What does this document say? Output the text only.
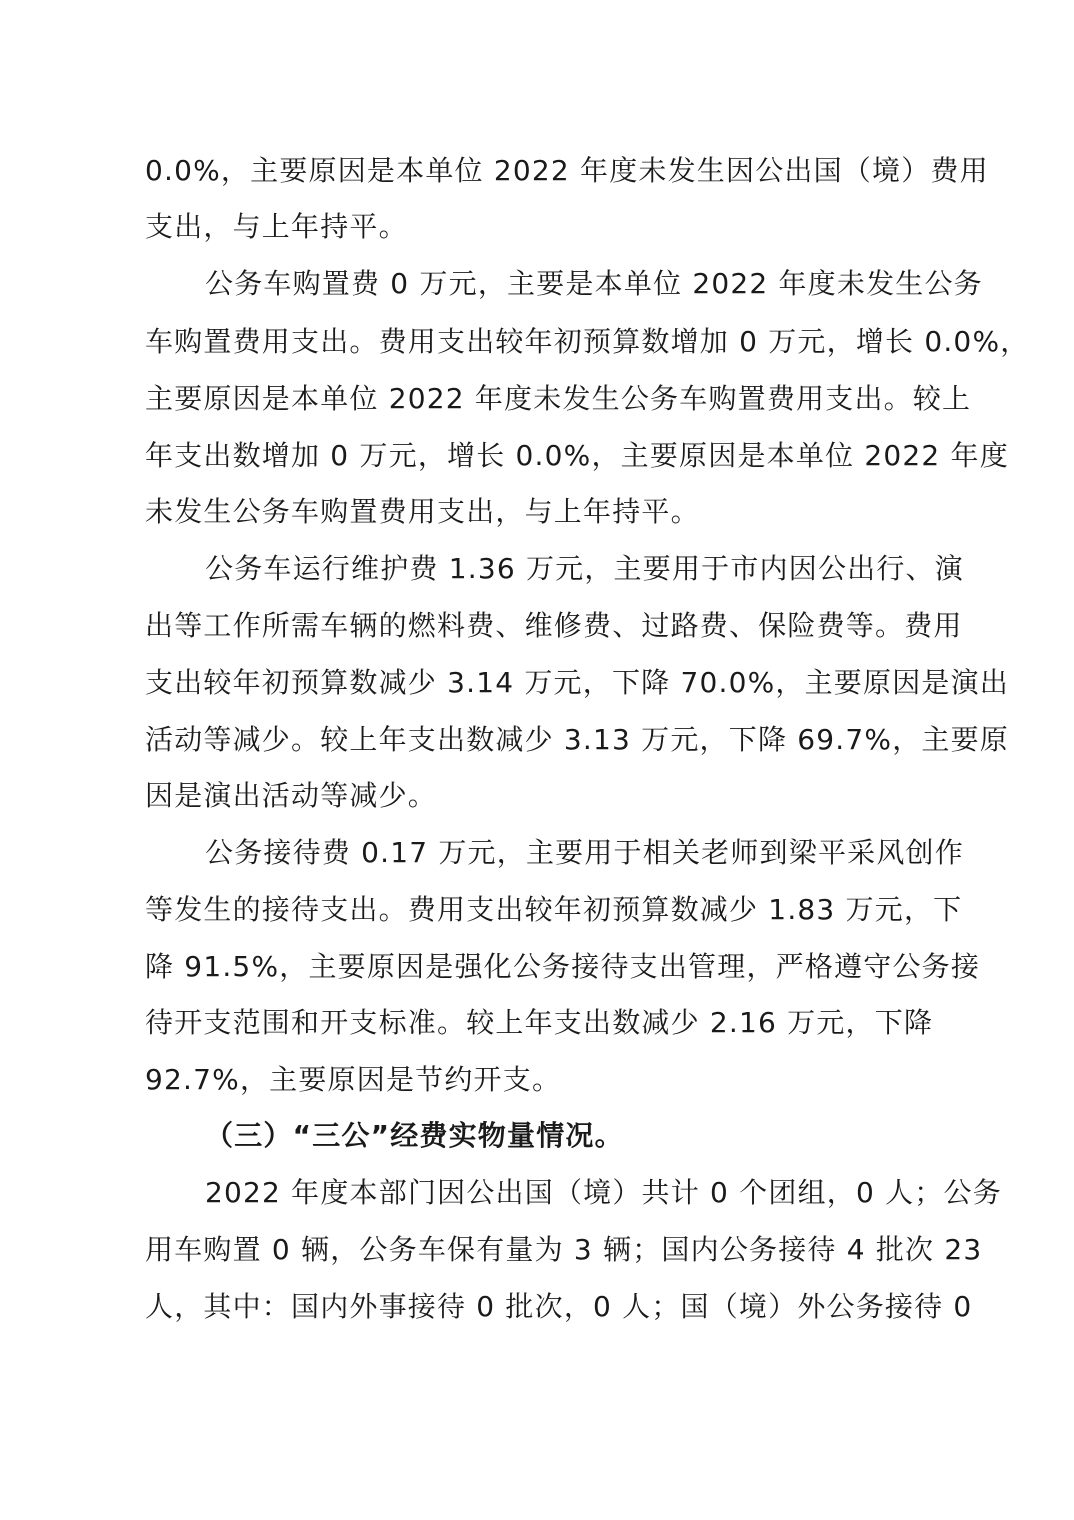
0.0%，主要原因是本单位 2022 年度未发生因公出国（境）费用
支出，与上年持平。
公务车购置费 0 万元，主要是本单位 2022 年度未发生公务
车购置费用支出。费用支出较年初预算数增加 0 万元，增长 0.0%，
主要原因是本单位 2022 年度未发生公务车购置费用支出。较上
年支出数增加 0 万元，增长 0.0%，主要原因是本单位 2022 年度
未发生公务车购置费用支出，与上年持平。
公务车运行维护费 1.36 万元，主要用于市内因公出行、演
出等工作所需车辆的燃料费、维修费、过路费、保险费等。费用
支出较年初预算数减少 3.14 万元，下降 70.0%，主要原因是演出
活动等减少。较上年支出数减少 3.13 万元，下降 69.7%，主要原
因是演出活动等减少。
公务接待费 0.17 万元，主要用于相关老师到梁平采风创作
等发生的接待支出。费用支出较年初预算数减少 1.83 万元，下
降 91.5%，主要原因是强化公务接待支出管理，严格遵守公务接
待开支范围和开支标准。较上年支出数减少 2.16 万元，下降
92.7%，主要原因是节约开支。
（三）“三公”经费实物量情况。
2022 年度本部门因公出国（境）共计 0 个团组，0 人；公务
用车购置 0 辆，公务车保有量为 3 辆；国内公务接待 4 批次 23
人，其中：国内外事接待 0 批次，0 人；国（境）外公务接待 0
